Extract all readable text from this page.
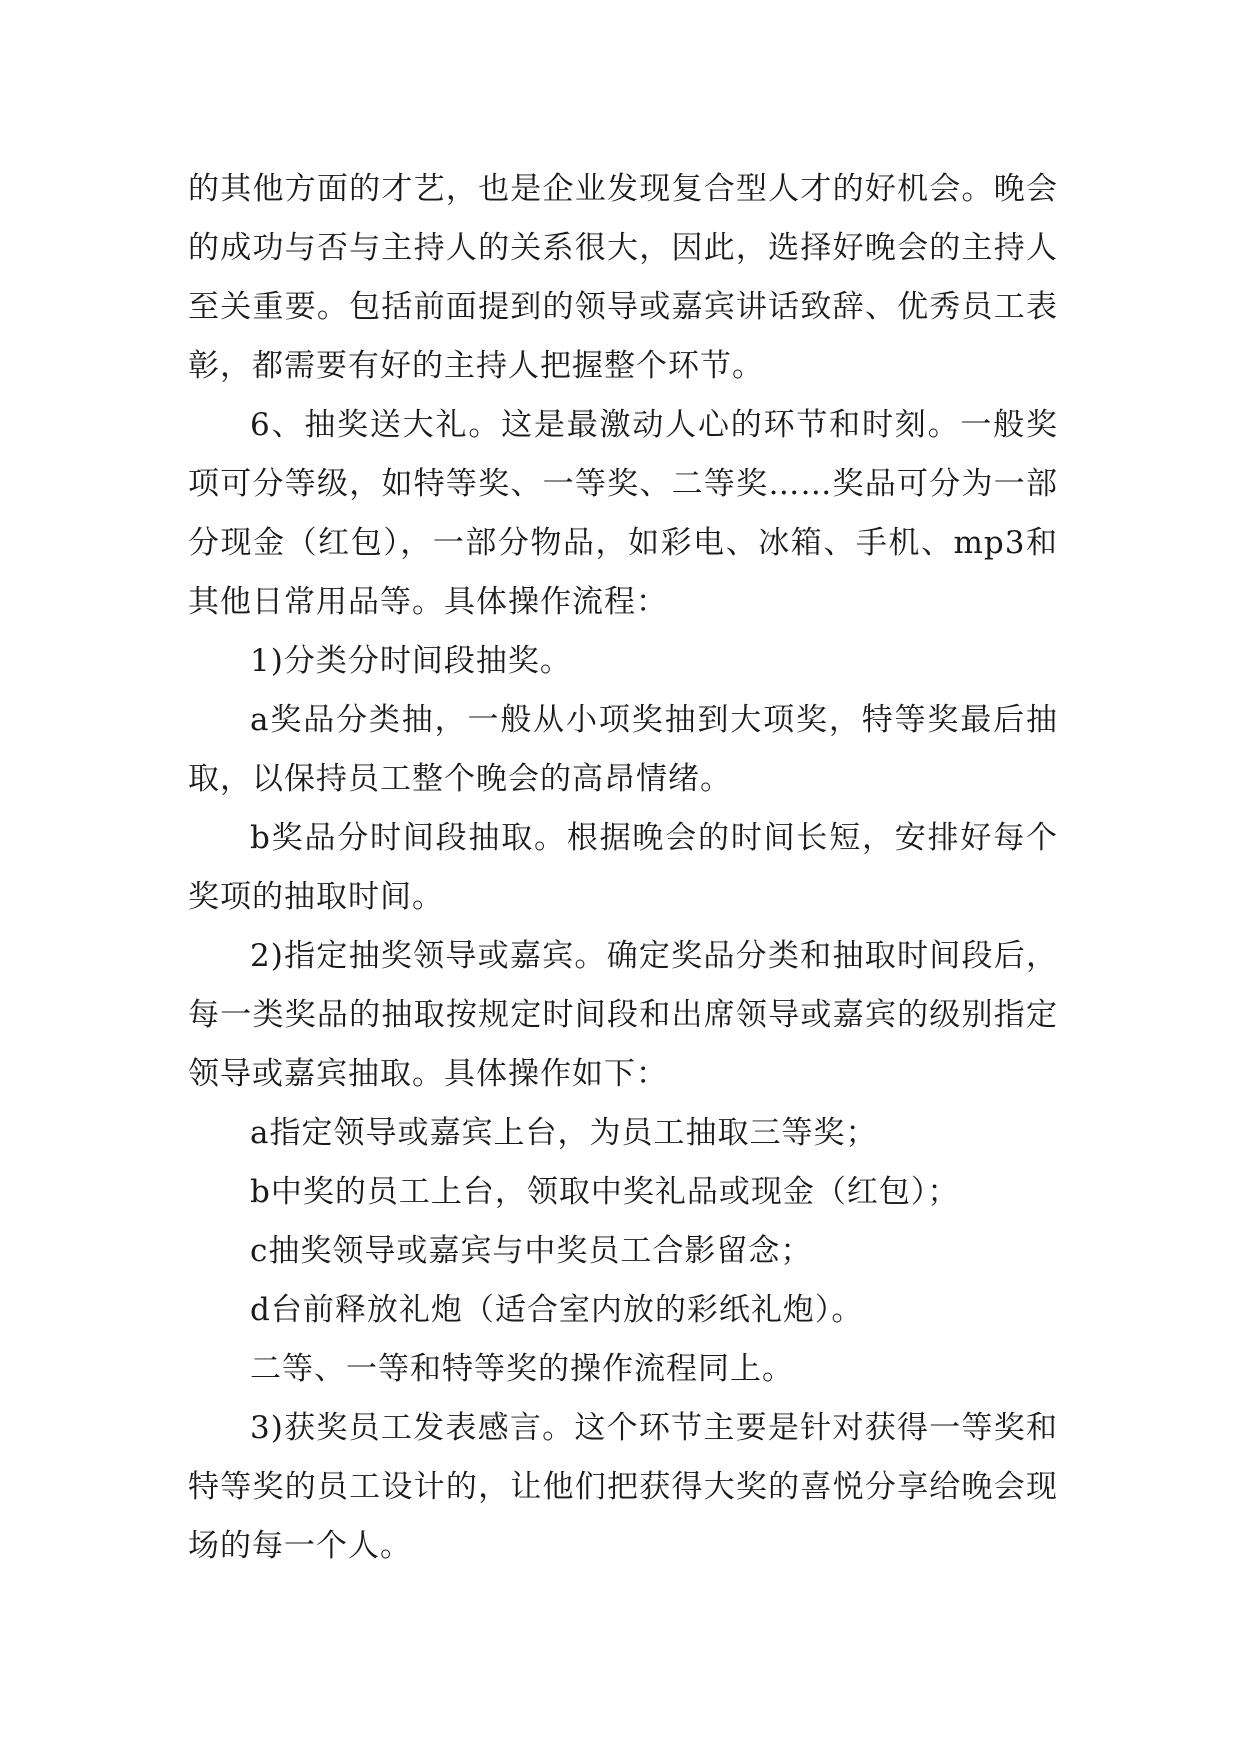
的其他方面的才艺，也是企业发现复合型人才的好机会。晚会的成功与否与主持人的关系很大，因此，选择好晚会的主持人至关重要。包括前面提到的领导或嘉宾讲话致辞、优秀员工表彰，都需要有好的主持人把握整个环节。

6、抽奖送大礼。这是最激动人心的环节和时刻。一般奖项可分等级，如特等奖、一等奖、二等奖……奖品可分为一部分现金（红包），一部分物品，如彩电、冰箱、手机、mp3和其他日常用品等。具体操作流程：

1)分类分时间段抽奖。

a奖品分类抽，一般从小项奖抽到大项奖，特等奖最后抽取，以保持员工整个晚会的高昂情绪。

b奖品分时间段抽取。根据晚会的时间长短，安排好每个奖项的抽取时间。

2)指定抽奖领导或嘉宾。确定奖品分类和抽取时间段后，每一类奖品的抽取按规定时间段和出席领导或嘉宾的级别指定领导或嘉宾抽取。具体操作如下：

a指定领导或嘉宾上台，为员工抽取三等奖；

b中奖的员工上台，领取中奖礼品或现金（红包）；

c抽奖领导或嘉宾与中奖员工合影留念；

d台前释放礼炮（适合室内放的彩纸礼炮）。

二等、一等和特等奖的操作流程同上。

3)获奖员工发表感言。这个环节主要是针对获得一等奖和特等奖的员工设计的，让他们把获得大奖的喜悦分享给晚会现场的每一个人。
